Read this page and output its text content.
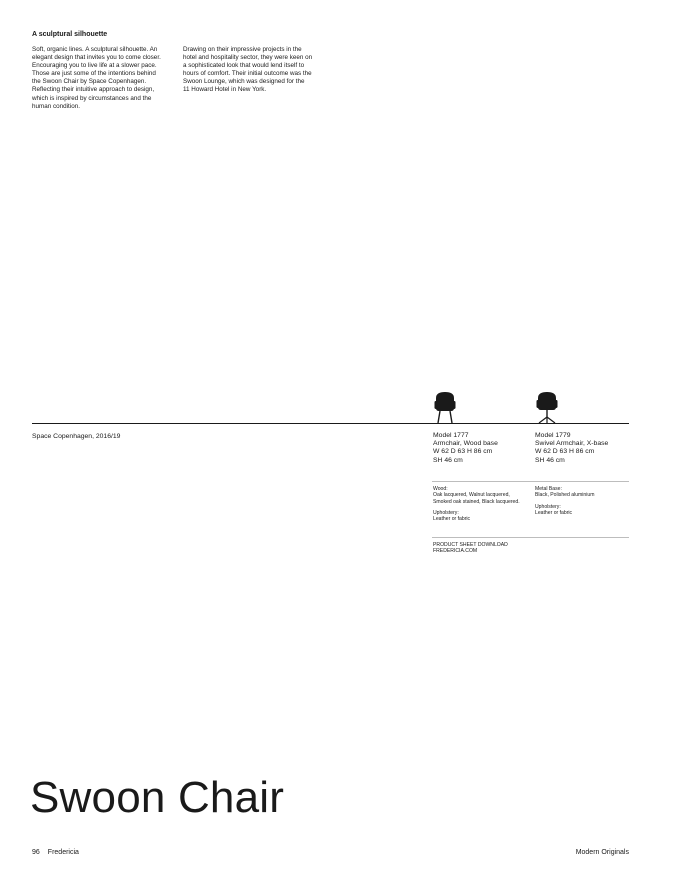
A sculptural silhouette
Soft, organic lines. A sculptural silhouette. An
elegant design that invites you to come closer.
Encouraging you to live life at a slower pace.
Those are just some of the intentions behind
the Swoon Chair by Space Copenhagen.
Reflecting their intuitive approach to design,
which is inspired by circumstances and the
human condition.
Drawing on their impressive projects in the
hotel and hospitality sector, they were keen on
a sophisticated look that would lend itself to
hours of comfort. Their initial outcome was the
Swoon Lounge, which was designed for the
11 Howard Hotel in New York.
Space Copenhagen, 2016/19	Model 1777
Armchair, Wood base
W 62 D 63 H 86 cm
SH 46 cm
Model 1779
Swivel Armchair, X-base
W 62 D 63 H 86 cm
SH 46 cm
Wood:
Oak lacquered, Walnut lacquered,
Smoked oak stained, Black lacquered.
Upholstery:
Leather or fabric
Metal Base:
Black, Polished aluminium
Upholstery:
Leather or fabric
PRODUCT SHEET DOWNLOAD
FREDERICIA.COM
Swoon Chair
96 Fredericia	Modern Originals
